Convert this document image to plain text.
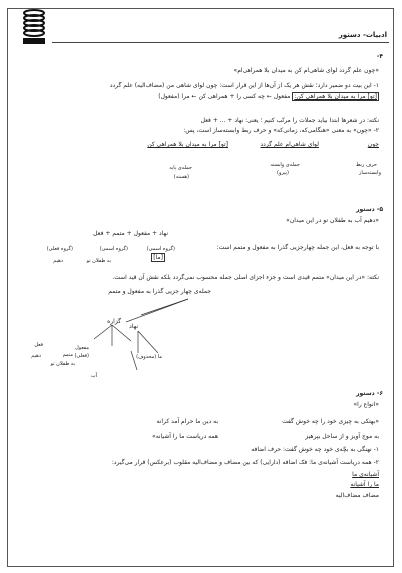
ادبیات- دستور
۴-
«چون علم گردد لوای شاهی‌ام کن به میدان بلا همراهی‌ام»
۱- این بیت دو ضمیر دارد؛ نقش هر یک از آن‌ها از این قرار است: چون لوای شاهی من (مضاف‌الیه) علم گردد
[تو] مرا به میدان بلا همراهی کن: مفعول ← چه کسی را + همراهی کن ← مرا (مفعول)
نکته: در شعرها ابتدا بیاید جملات را مرتّب کنیم ؛ یعنی: نهاد + ... + فعل
۲- «چون» به معنی «هنگامی‌که، زمانی‌که» و حرف ربط وابسته‌ساز است، پس:
چون
لوای شاهی‌ام علم گردد
[تو] مرا به میدان بلا همراهی کن
حرف ربط
وابسته‌ساز
جمله‌ی وابسته
(پیرو)
جمله‌ی پایه
(هسته)
۵- دستور
«دهیم آب به طفلان تو در این میدان»
نهاد + مفعول + متمم + فعل
با توجه به فعل، این جمله چهارجزیی گذرا به مفعول و متمم است:
(گروه اسمی)
(گروه اسمی)
(گروه فعلی)
[ما]
به طفلان تو
دهیم
نکته: «در این میدان» متمم قیدی است و جزء اجزای اصلی جمله محسوب نمی‌گردد بلکه نقش آن قید است.
جمله‌ی چهار جزیی گذرا به مفعول و متمم
گزاره
نهاد
فعل
متمم
مفعول
دهیم	(فعلی)
آب
به طفلان تو
ما (محذوف)
۶- دستور
«انواع را»
«بهتکی به چیزی خود را چه خوش گفت
به دین ما حرام آمد کرانه
به موج آویز و از ساحل بپرهیز
همه دریاست ما را آشیانه»
۱- نهنگی به بچّه‌ی خود چه خوش گفت: حرف اضافه
۲- همه دریاست آشیانه‌ی ما: فک اضافه (دارایی) که بین مضاف و مضاف‌الیه مقلوب (برعکس) قرار می‌گیرد:
آشیانه‌ی ما
ما را آشیانه
مضاف مضاف‌الیه
